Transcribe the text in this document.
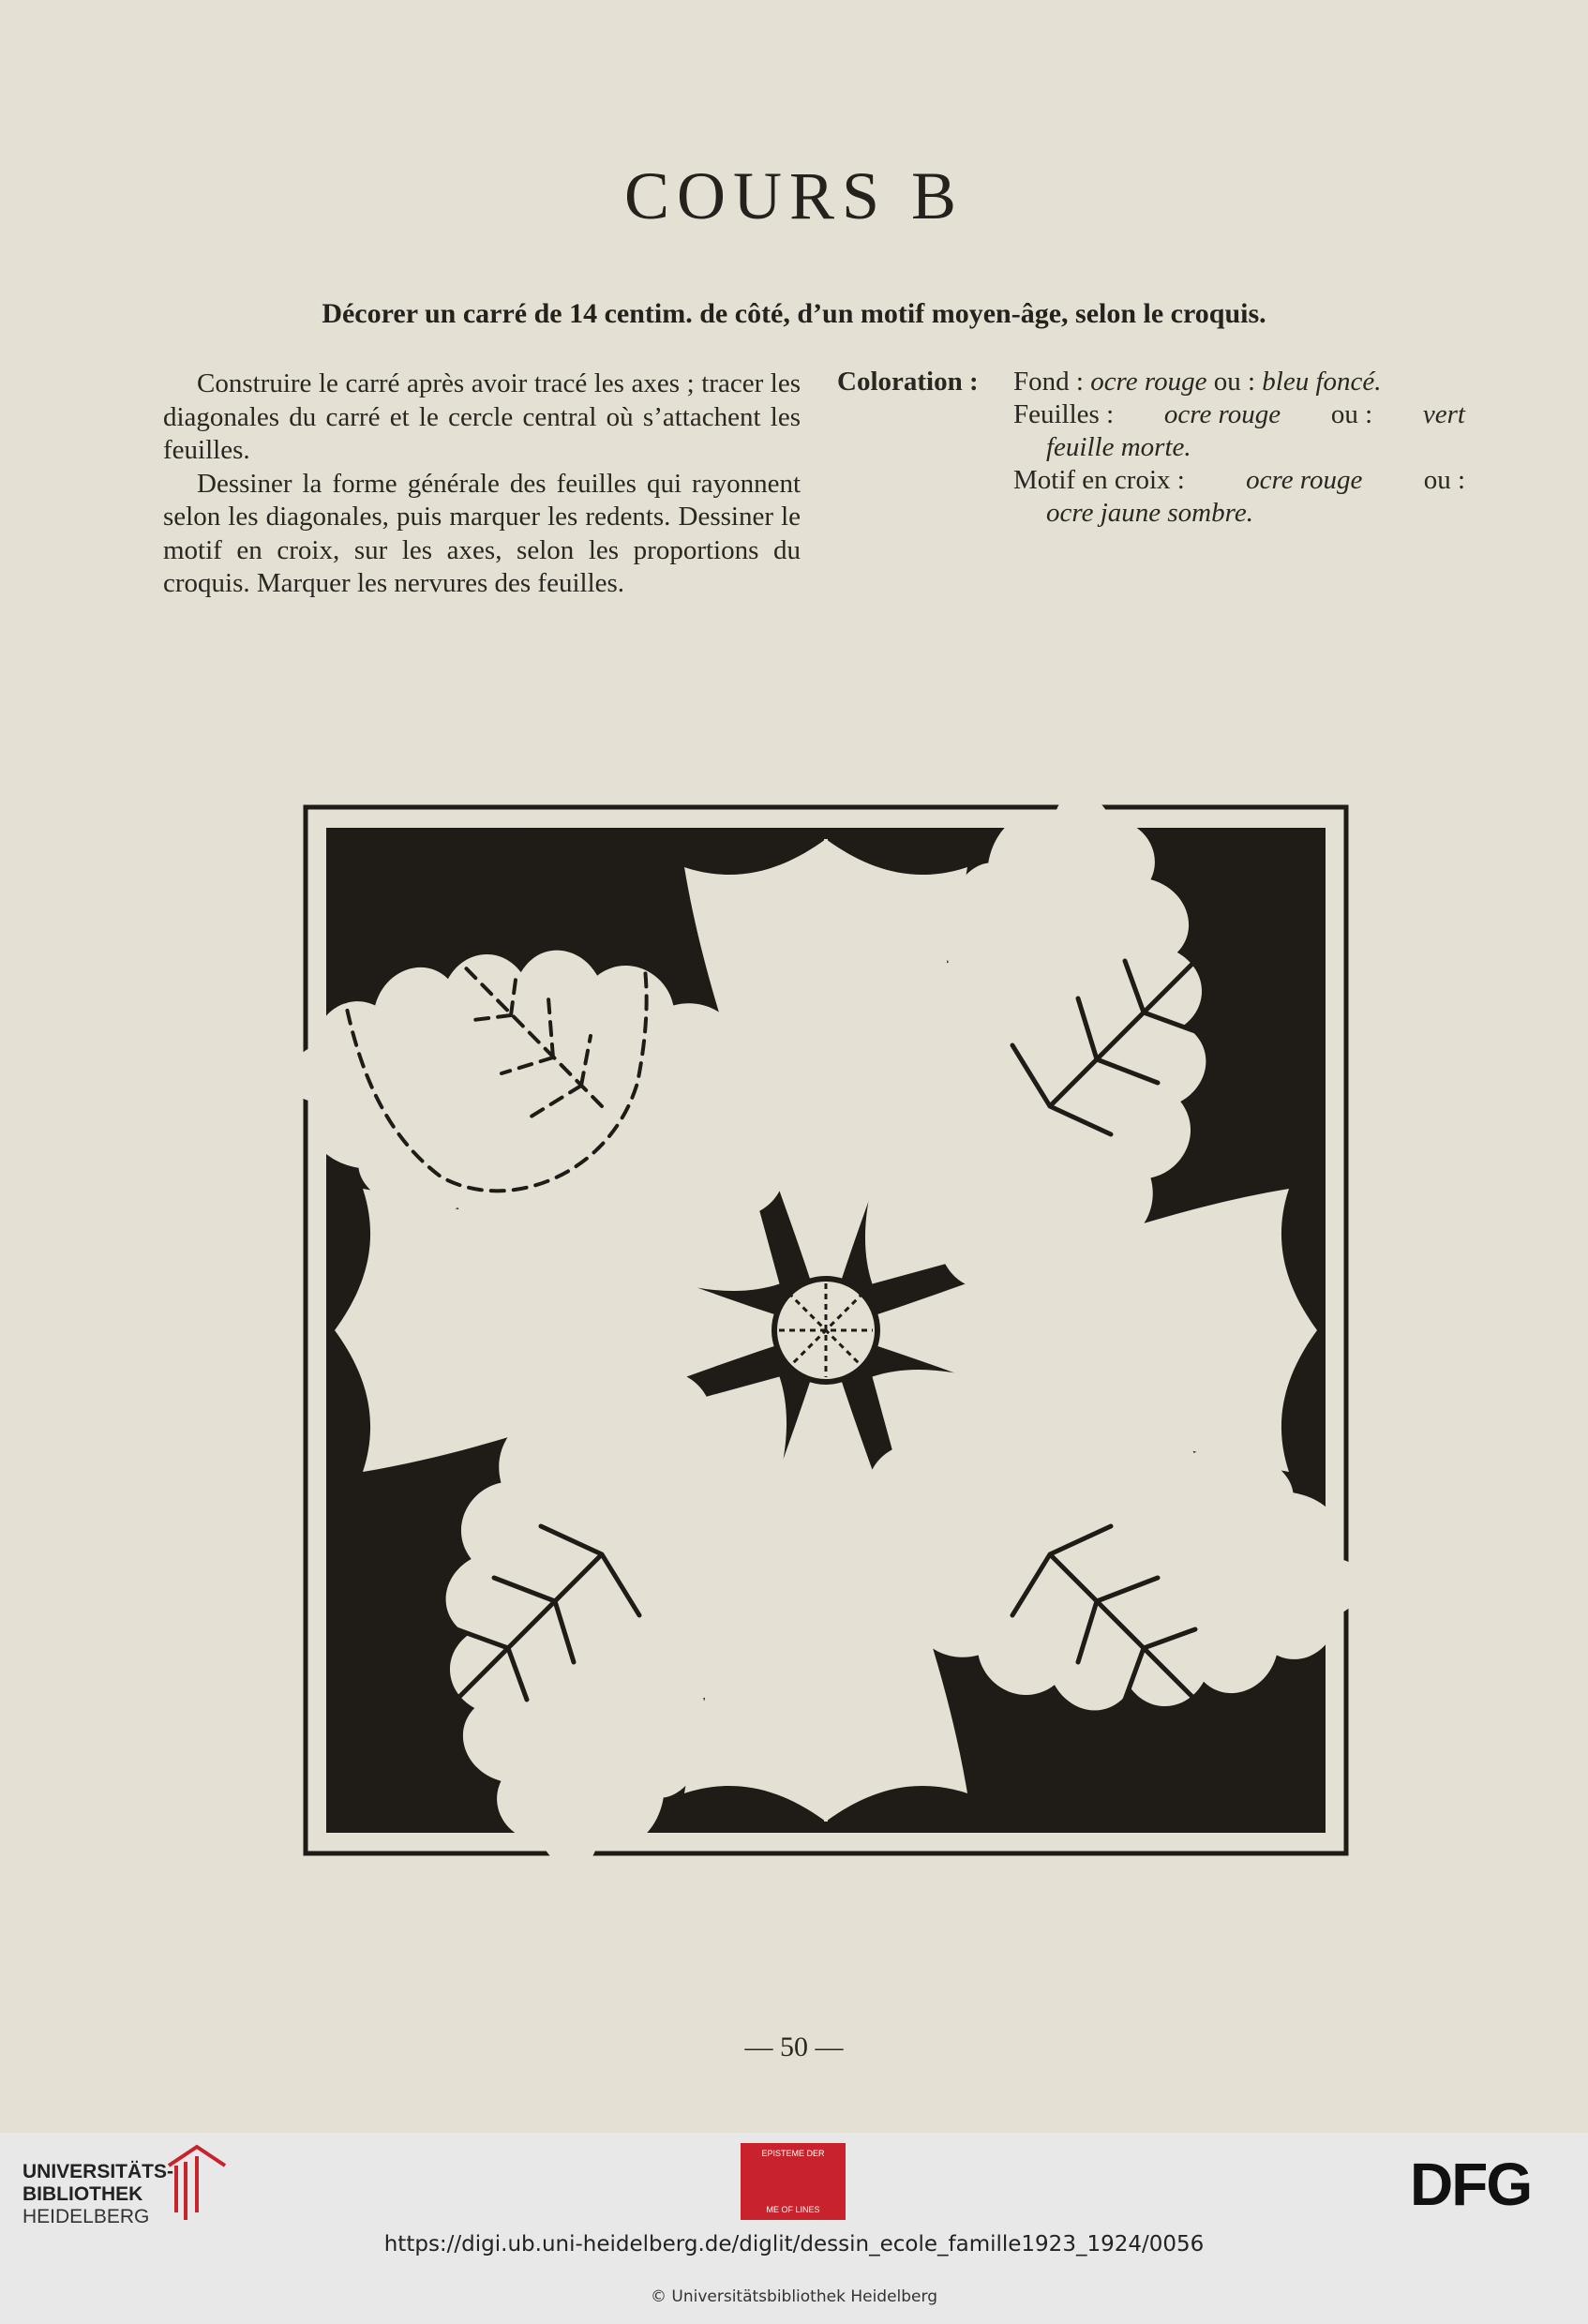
COURS B
Décorer un carré de 14 centim. de côté, d’un motif moyen-âge, selon le croquis.

Construire le carré après avoir tracé les axes ; tracer les diagonales du carré et le cercle central où s’attachent les feuilles.

Dessiner la forme générale des feuilles qui rayonnent selon les diagonales, puis marquer les redents. Dessiner le motif en croix, sur les axes, selon les proportions du croquis. Marquer les nervures des feuilles.

Coloration :	Fond : ocre rouge ou : bleu foncé.
Feuilles : ocre rouge ou : vert
feuille morte.
Motif en croix : ocre rouge ou :
ocre jaune sombre.
— 50 —
UNIVERSITÄTS-
BIBLIOTHEK
HEIDELBERG
EPISTEME DER
ME OF LINES	DFG
https://digi.ub.uni-heidelberg.de/diglit/dessin_ecole_famille1923_1924/0056
© Universitätsbibliothek Heidelberg
